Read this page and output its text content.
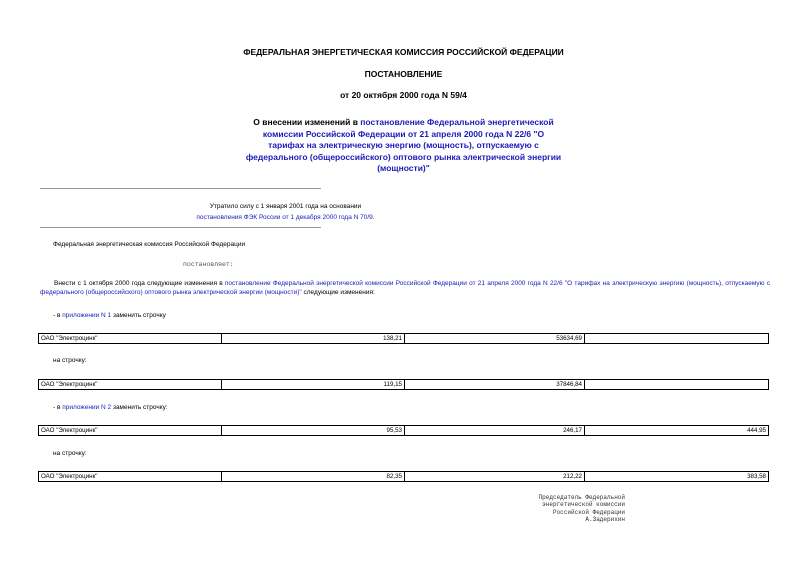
ФЕДЕРАЛЬНАЯ ЭНЕРГЕТИЧЕСКАЯ КОМИССИЯ РОССИЙСКОЙ ФЕДЕРАЦИИ
ПОСТАНОВЛЕНИЕ
от 20 октября 2000 года N 59/4
О внесении изменений в постановление Федеральной энергетической комиссии Российской Федерации от 21 апреля 2000 года N 22/6 "О тарифах на электрическую энергию (мощность), отпускаемую с федерального (общероссийского) оптового рынка электрической энергии (мощности)"
Утратило силу с 1 января 2001 года на основании
постановления ФЭК России от 1 декабря 2000 года N 70/9.
Федеральная энергетическая комиссия Российской Федерации
постановляет:
Внести с 1 октября 2000 года следующие изменения в постановление Федеральной энергетической комиссии Российской Федерации от 21 апреля 2000 года N 22/6 "О тарифах на электрическую энергию (мощность), отпускаемую с федерального (общероссийского) оптового рынка электрической энергии (мощности)" следующие изменения:
- в приложении N 1 заменить строчку
ОАО "Электроцинк"	138,21	53634,69	
на строчку:
ОАО "Электроцинк"	119,15	37846,84	
- в приложении N 2 заменить строчку:
ОАО "Электроцинк"	95,53	246,17	444,95
на строчку:
ОАО "Электроцинк"	82,35	212,22	383,58
Председатель Федеральной
энергетической комиссии
Российской Федерации
А.Задерихин
